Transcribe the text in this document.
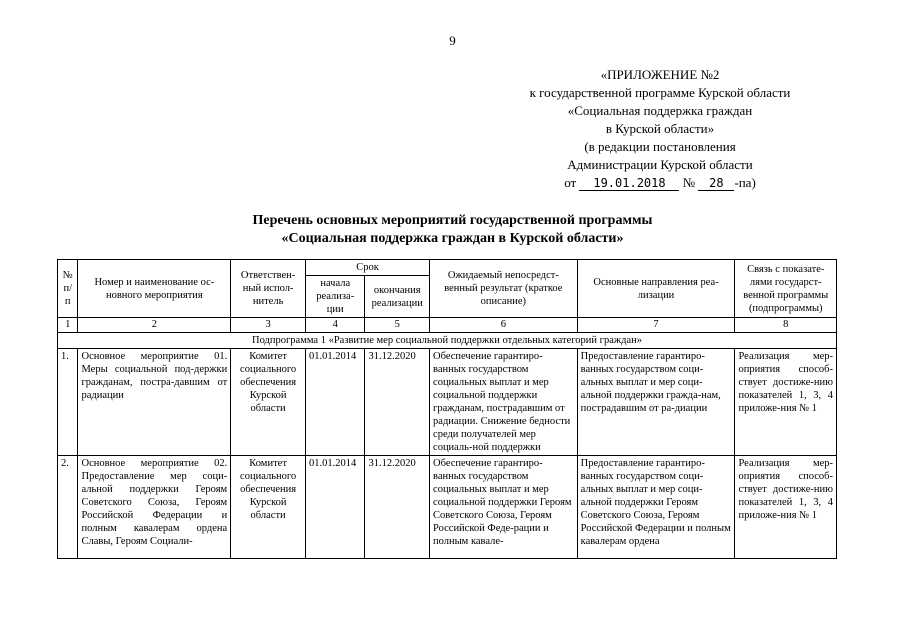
9
«ПРИЛОЖЕНИЕ №2
к государственной программе Курской области
«Социальная поддержка граждан
в Курской области»
(в редакции постановления
Администрации Курской области
от 19.01.2018 № 28 -па)
Перечень основных мероприятий государственной программы
«Социальная поддержка граждан в Курской области»
№ п/п	Номер и наименование ос-новного мероприятия	Ответствен-ный испол-нитель	Срок		Ожидаемый непосредст-венный результат (краткое описание)	Основные направления реа-лизации	Связь с показате-лями государст-венной программы (подпрограммы)
			начала реализа-ции	окончания реализации			
1	2	3	4	5	6	7	8
Подпрограмма 1 «Развитие мер социальной поддержки отдельных категорий граждан»							
1.	Основное мероприятие 01. Меры социальной под-держки гражданам, постра-давшим от радиации	Комитет социального обеспечения Курской области	01.01.2014	31.12.2020	Обеспечение гарантиро-ванных государством социальных выплат и мер социальной поддержки гражданам, пострадавшим от радиации. Снижение бедности среди получателей мер социаль-ной поддержки	Предоставление гарантиро-ванных государством соци-альных выплат и мер соци-альной поддержки гражда-нам, пострадавшим от ра-диации	Реализация мер-оприятия способ-ствует достиже-нию показателей 1, 3, 4 приложе-ния № 1
2.	Основное мероприятие 02. Предоставление мер соци-альной поддержки Героям Советского Союза, Героям Российской Федерации и полным кавалерам ордена Славы, Героям Социали-	Комитет социального обеспечения Курской области	01.01.2014	31.12.2020	Обеспечение гарантиро-ванных государством социальных выплат и мер социальной поддержки Героям Советского Союза, Героям Российской Феде-рации и полным кавале-	Предоставление гарантиро-ванных государством соци-альных выплат и мер соци-альной поддержки Героям Советского Союза, Героям Российской Федерации и полным кавалерам ордена	Реализация мер-оприятия способ-ствует достиже-нию показателей 1, 3, 4 приложе-ния № 1
